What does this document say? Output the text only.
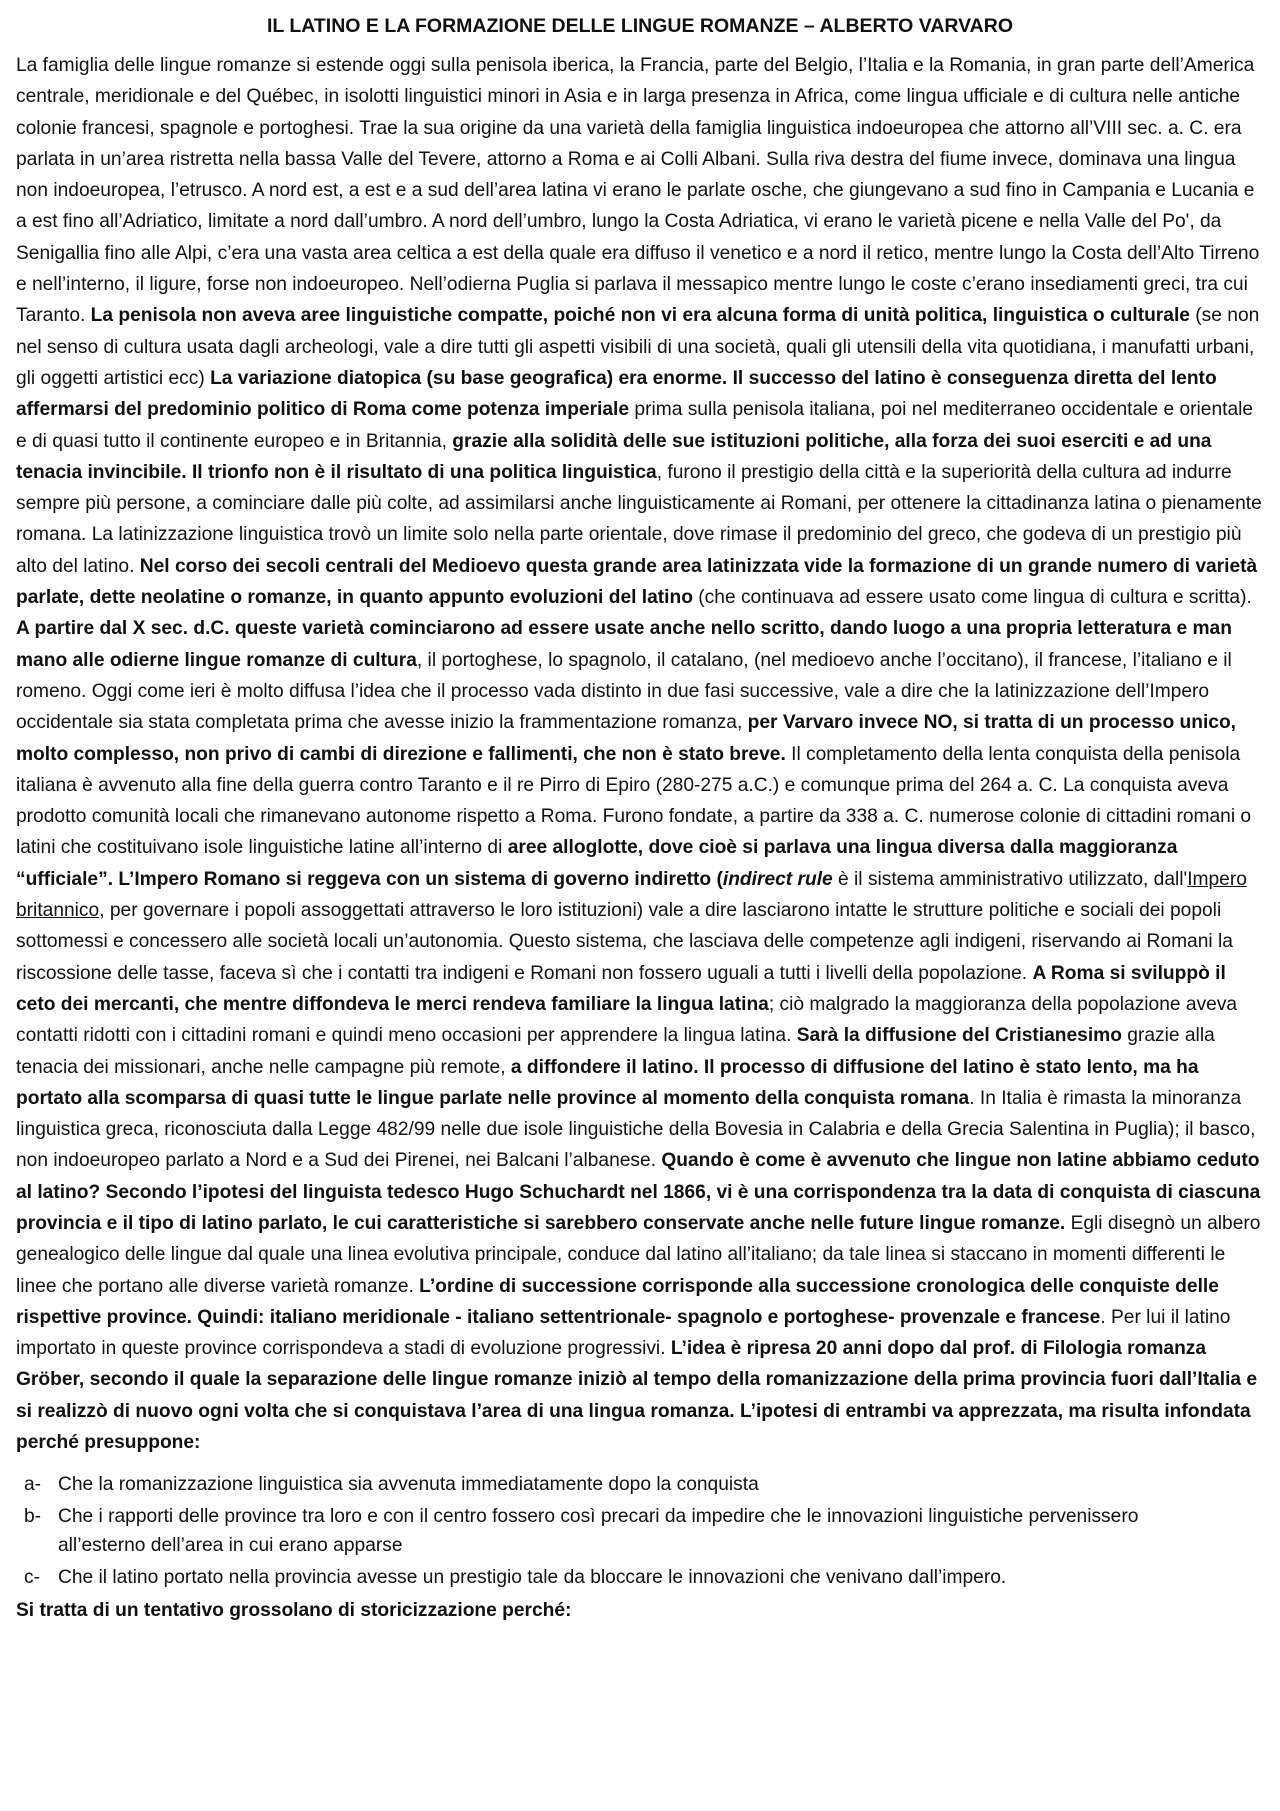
IL LATINO E LA FORMAZIONE DELLE LINGUE ROMANZE – ALBERTO VARVARO

La famiglia delle lingue romanze si estende oggi sulla penisola iberica, la Francia, parte del Belgio, l’Italia e la Romania, in gran parte dell’America centrale, meridionale e del Québec, in isolotti linguistici minori in Asia e in larga presenza in Africa, come lingua ufficiale e di cultura nelle antiche colonie francesi, spagnole e portoghesi. Trae la sua origine da una varietà della famiglia linguistica indoeuropea che attorno all’VIII sec. a. C. era parlata in un’area ristretta nella bassa Valle del Tevere, attorno a Roma e ai Colli Albani. Sulla riva destra del fiume invece, dominava una lingua non indoeuropea, l’etrusco. A nord est, a est e a sud dell’area latina vi erano le parlate osche, che giungevano a sud fino in Campania e Lucania e a est fino all’Adriatico, limitate a nord dall’umbro. A nord dell’umbro, lungo la Costa Adriatica, vi erano le varietà picene e nella Valle del Po', da Senigallia fino alle Alpi, c’era una vasta area celtica a est della quale era diffuso il venetico e a nord il retico, mentre lungo la Costa dell’Alto Tirreno e nell’interno, il ligure, forse non indoeuropeo. Nell’odierna Puglia si parlava il messapico mentre lungo le coste c’erano insediamenti greci, tra cui Taranto. La penisola non aveva aree linguistiche compatte, poiché non vi era alcuna forma di unità politica, linguistica o culturale (se non nel senso di cultura usata dagli archeologi, vale a dire tutti gli aspetti visibili di una società, quali gli utensili della vita quotidiana, i manufatti urbani, gli oggetti artistici ecc) La variazione diatopica (su base geografica) era enorme. Il successo del latino è conseguenza diretta del lento affermarsi del predominio politico di Roma come potenza imperiale prima sulla penisola italiana, poi nel mediterraneo occidentale e orientale e di quasi tutto il continente europeo e in Britannia, grazie alla solidità delle sue istituzioni politiche, alla forza dei suoi eserciti e ad una tenacia invincibile. Il trionfo non è il risultato di una politica linguistica, furono il prestigio della città e la superiorità della cultura ad indurre sempre più persone, a cominciare dalle più colte, ad assimilarsi anche linguisticamente ai Romani, per ottenere la cittadinanza latina o pienamente romana. La latinizzazione linguistica trovò un limite solo nella parte orientale, dove rimase il predominio del greco, che godeva di un prestigio più alto del latino. Nel corso dei secoli centrali del Medioevo questa grande area latinizzata vide la formazione di un grande numero di varietà parlate, dette neolatine o romanze, in quanto appunto evoluzioni del latino (che continuava ad essere usato come lingua di cultura e scritta). A partire dal X sec. d.C. queste varietà cominciarono ad essere usate anche nello scritto, dando luogo a una propria letteratura e man mano alle odierne lingue romanze di cultura, il portoghese, lo spagnolo, il catalano, (nel medioevo anche l’occitano), il francese, l’italiano e il romeno. Oggi come ieri è molto diffusa l’idea che il processo vada distinto in due fasi successive, vale a dire che la latinizzazione dell’Impero occidentale sia stata completata prima che avesse inizio la frammentazione romanza, per Varvaro invece NO, si tratta di un processo unico, molto complesso, non privo di cambi di direzione e fallimenti, che non è stato breve. Il completamento della lenta conquista della penisola italiana è avvenuto alla fine della guerra contro Taranto e il re Pirro di Epiro (280-275 a.C.) e comunque prima del 264 a. C. La conquista aveva prodotto comunità locali che rimanevano autonome rispetto a Roma. Furono fondate, a partire da 338 a. C. numerose colonie di cittadini romani o latini che costituivano isole linguistiche latine all’interno di aree alloglotte, dove cioè si parlava una lingua diversa dalla maggioranza “ufficiale”. L’Impero Romano si reggeva con un sistema di governo indiretto (indirect rule è il sistema amministrativo utilizzato, dall'Impero britannico, per governare i popoli assoggettati attraverso le loro istituzioni) vale a dire lasciarono intatte le strutture politiche e sociali dei popoli sottomessi e concessero alle società locali un’autonomia. Questo sistema, che lasciava delle competenze agli indigeni, riservando ai Romani la riscossione delle tasse, faceva sì che i contatti tra indigeni e Romani non fossero uguali a tutti i livelli della popolazione. A Roma si sviluppò il ceto dei mercanti, che mentre diffondeva le merci rendeva familiare la lingua latina; ciò malgrado la maggioranza della popolazione aveva contatti ridotti con i cittadini romani e quindi meno occasioni per apprendere la lingua latina. Sarà la diffusione del Cristianesimo grazie alla tenacia dei missionari, anche nelle campagne più remote, a diffondere il latino. Il processo di diffusione del latino è stato lento, ma ha portato alla scomparsa di quasi tutte le lingue parlate nelle province al momento della conquista romana. In Italia è rimasta la minoranza linguistica greca, riconosciuta dalla Legge 482/99 nelle due isole linguistiche della Bovesia in Calabria e della Grecia Salentina in Puglia); il basco, non indoeuropeo parlato a Nord e a Sud dei Pirenei, nei Balcani l’albanese. Quando è come è avvenuto che lingue non latine abbiamo ceduto al latino? Secondo l’ipotesi del linguista tedesco Hugo Schuchardt nel 1866, vi è una corrispondenza tra la data di conquista di ciascuna provincia e il tipo di latino parlato, le cui caratteristiche si sarebbero conservate anche nelle future lingue romanze. Egli disegnò un albero genealogico delle lingue dal quale una linea evolutiva principale, conduce dal latino all’italiano; da tale linea si staccano in momenti differenti le linee che portano alle diverse varietà romanze. L’ordine di successione corrisponde alla successione cronologica delle conquiste delle rispettive province. Quindi: italiano meridionale - italiano settentrionale- spagnolo e portoghese- provenzale e francese. Per lui il latino importato in queste province corrispondeva a stadi di evoluzione progressivi. L’idea è ripresa 20 anni dopo dal prof. di Filologia romanza Gröber, secondo il quale la separazione delle lingue romanze iniziò al tempo della romanizzazione della prima provincia fuori dall’Italia e si realizzò di nuovo ogni volta che si conquistava l’area di una lingua romanza. L’ipotesi di entrambi va apprezzata, ma risulta infondata perché presuppone:

a- Che la romanizzazione linguistica sia avvenuta immediatamente dopo la conquista
b- Che i rapporti delle province tra loro e con il centro fossero così precari da impedire che le innovazioni linguistiche pervenissero all’esterno dell’area in cui erano apparse
c- Che il latino portato nella provincia avesse un prestigio tale da bloccare le innovazioni che venivano dall’impero.
Si tratta di un tentativo grossolano di storicizzazione perché:
